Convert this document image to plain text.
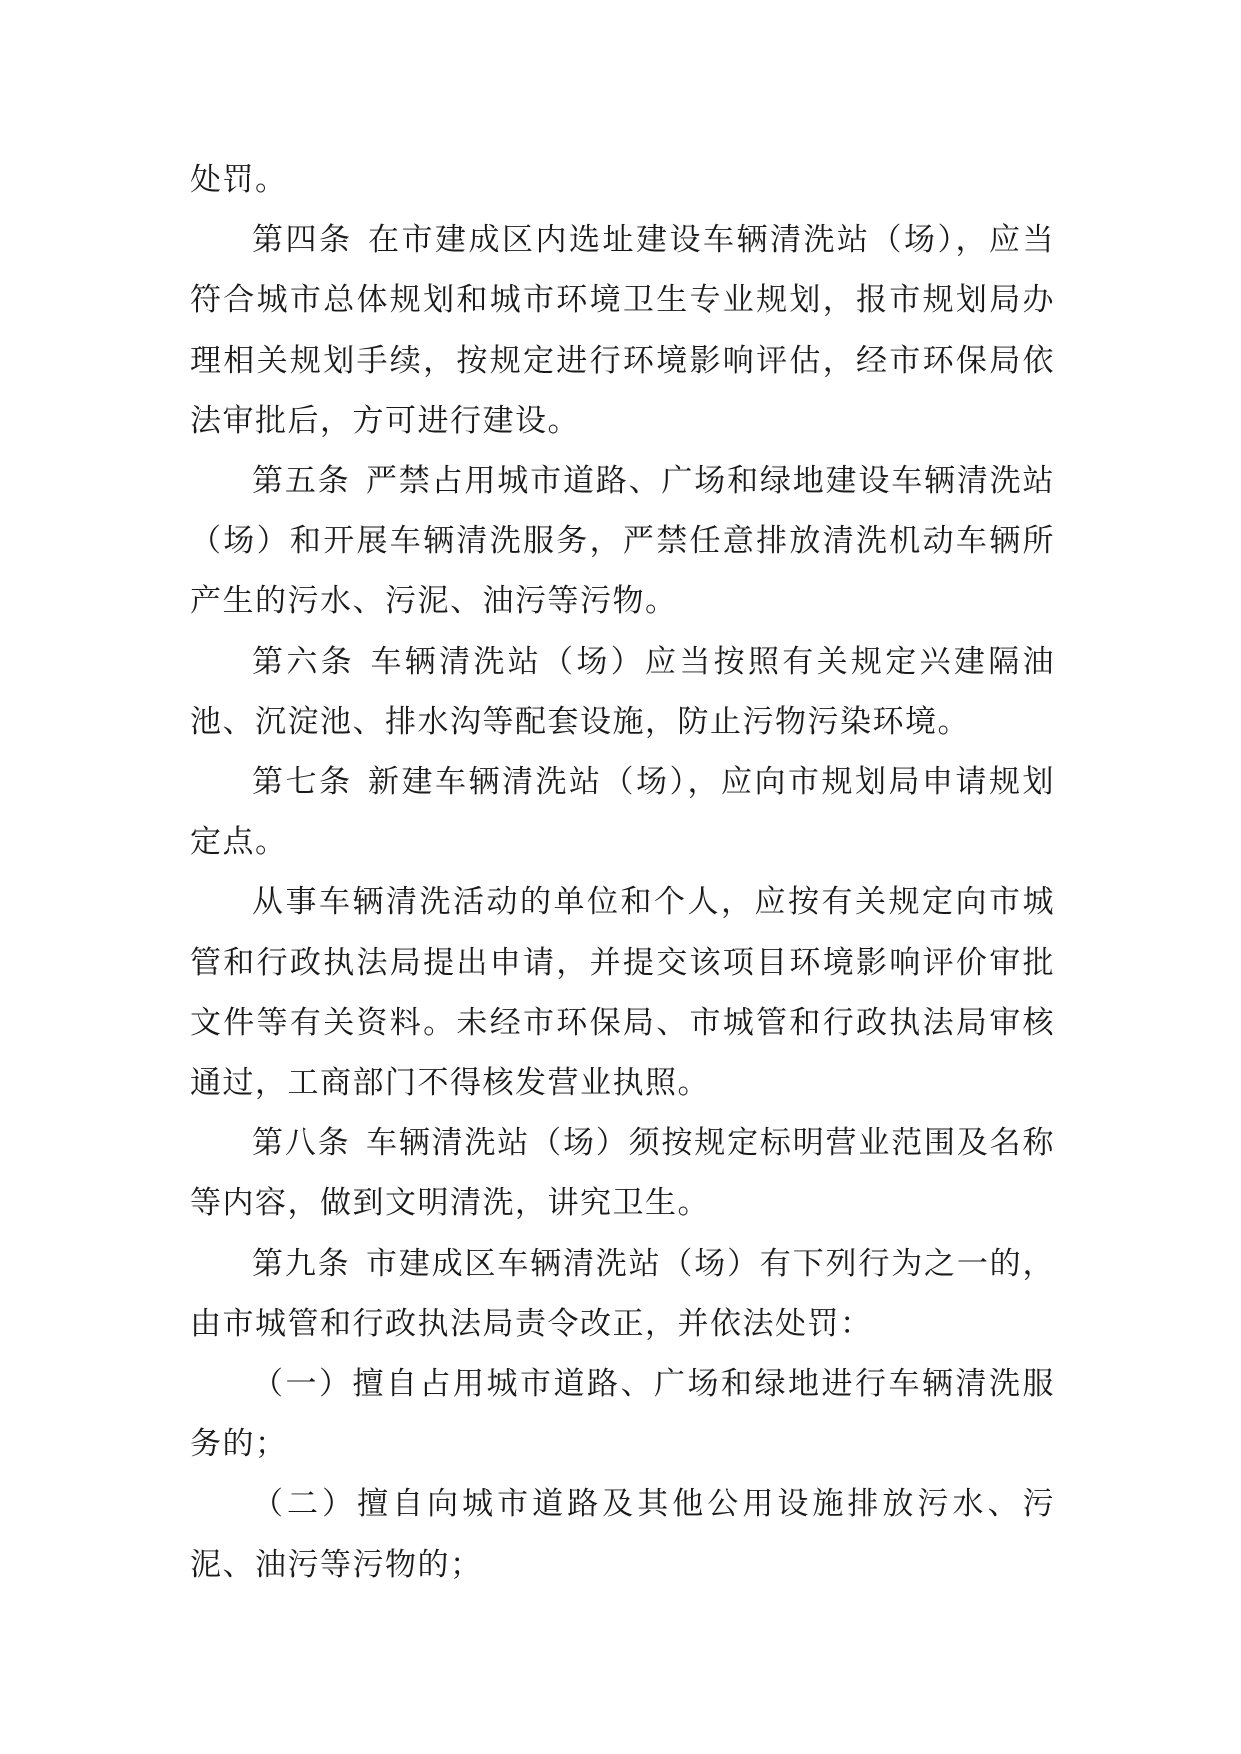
处罚。

第四条 在市建成区内选址建设车辆清洗站（场），应当符合城市总体规划和城市环境卫生专业规划，报市规划局办理相关规划手续，按规定进行环境影响评估，经市环保局依法审批后，方可进行建设。

第五条 严禁占用城市道路、广场和绿地建设车辆清洗站（场）和开展车辆清洗服务，严禁任意排放清洗机动车辆所产生的污水、污泥、油污等污物。

第六条 车辆清洗站（场）应当按照有关规定兴建隔油池、沉淀池、排水沟等配套设施，防止污物污染环境。

第七条 新建车辆清洗站（场），应向市规划局申请规划定点。

从事车辆清洗活动的单位和个人，应按有关规定向市城管和行政执法局提出申请，并提交该项目环境影响评价审批文件等有关资料。未经市环保局、市城管和行政执法局审核通过，工商部门不得核发营业执照。

第八条 车辆清洗站（场）须按规定标明营业范围及名称等内容，做到文明清洗，讲究卫生。

第九条 市建成区车辆清洗站（场）有下列行为之一的，由市城管和行政执法局责令改正，并依法处罚：

（一）擅自占用城市道路、广场和绿地进行车辆清洗服务的；

（二）擅自向城市道路及其他公用设施排放污水、污泥、油污等污物的；
